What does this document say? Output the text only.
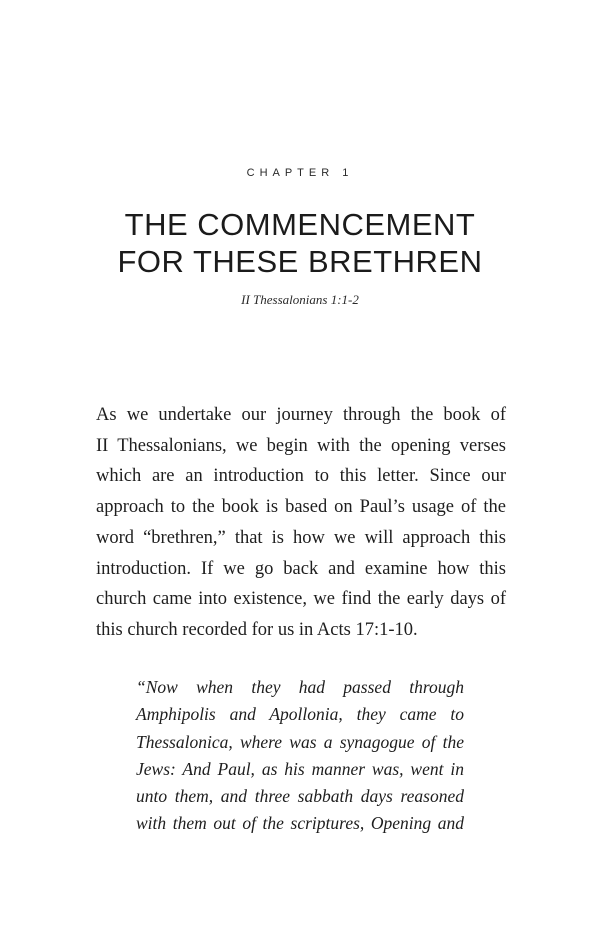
CHAPTER 1
THE COMMENCEMENT
FOR THESE BRETHREN
II Thessalonians 1:1-2
As we undertake our journey through the book of
II Thessalonians, we begin with the opening verses
which are an introduction to this letter. Since our
approach to the book is based on Paul’s usage of the
word “brethren,” that is how we will approach this
introduction. If we go back and examine how this
church came into existence, we find the early days of
this church recorded for us in Acts 17:1-10.
“Now when they had passed through
Amphipolis and Apollonia, they came to
Thessalonica, where was a synagogue of the
Jews: And Paul, as his manner was, went in
unto them, and three sabbath days reasoned
with them out of the scriptures, Opening and
